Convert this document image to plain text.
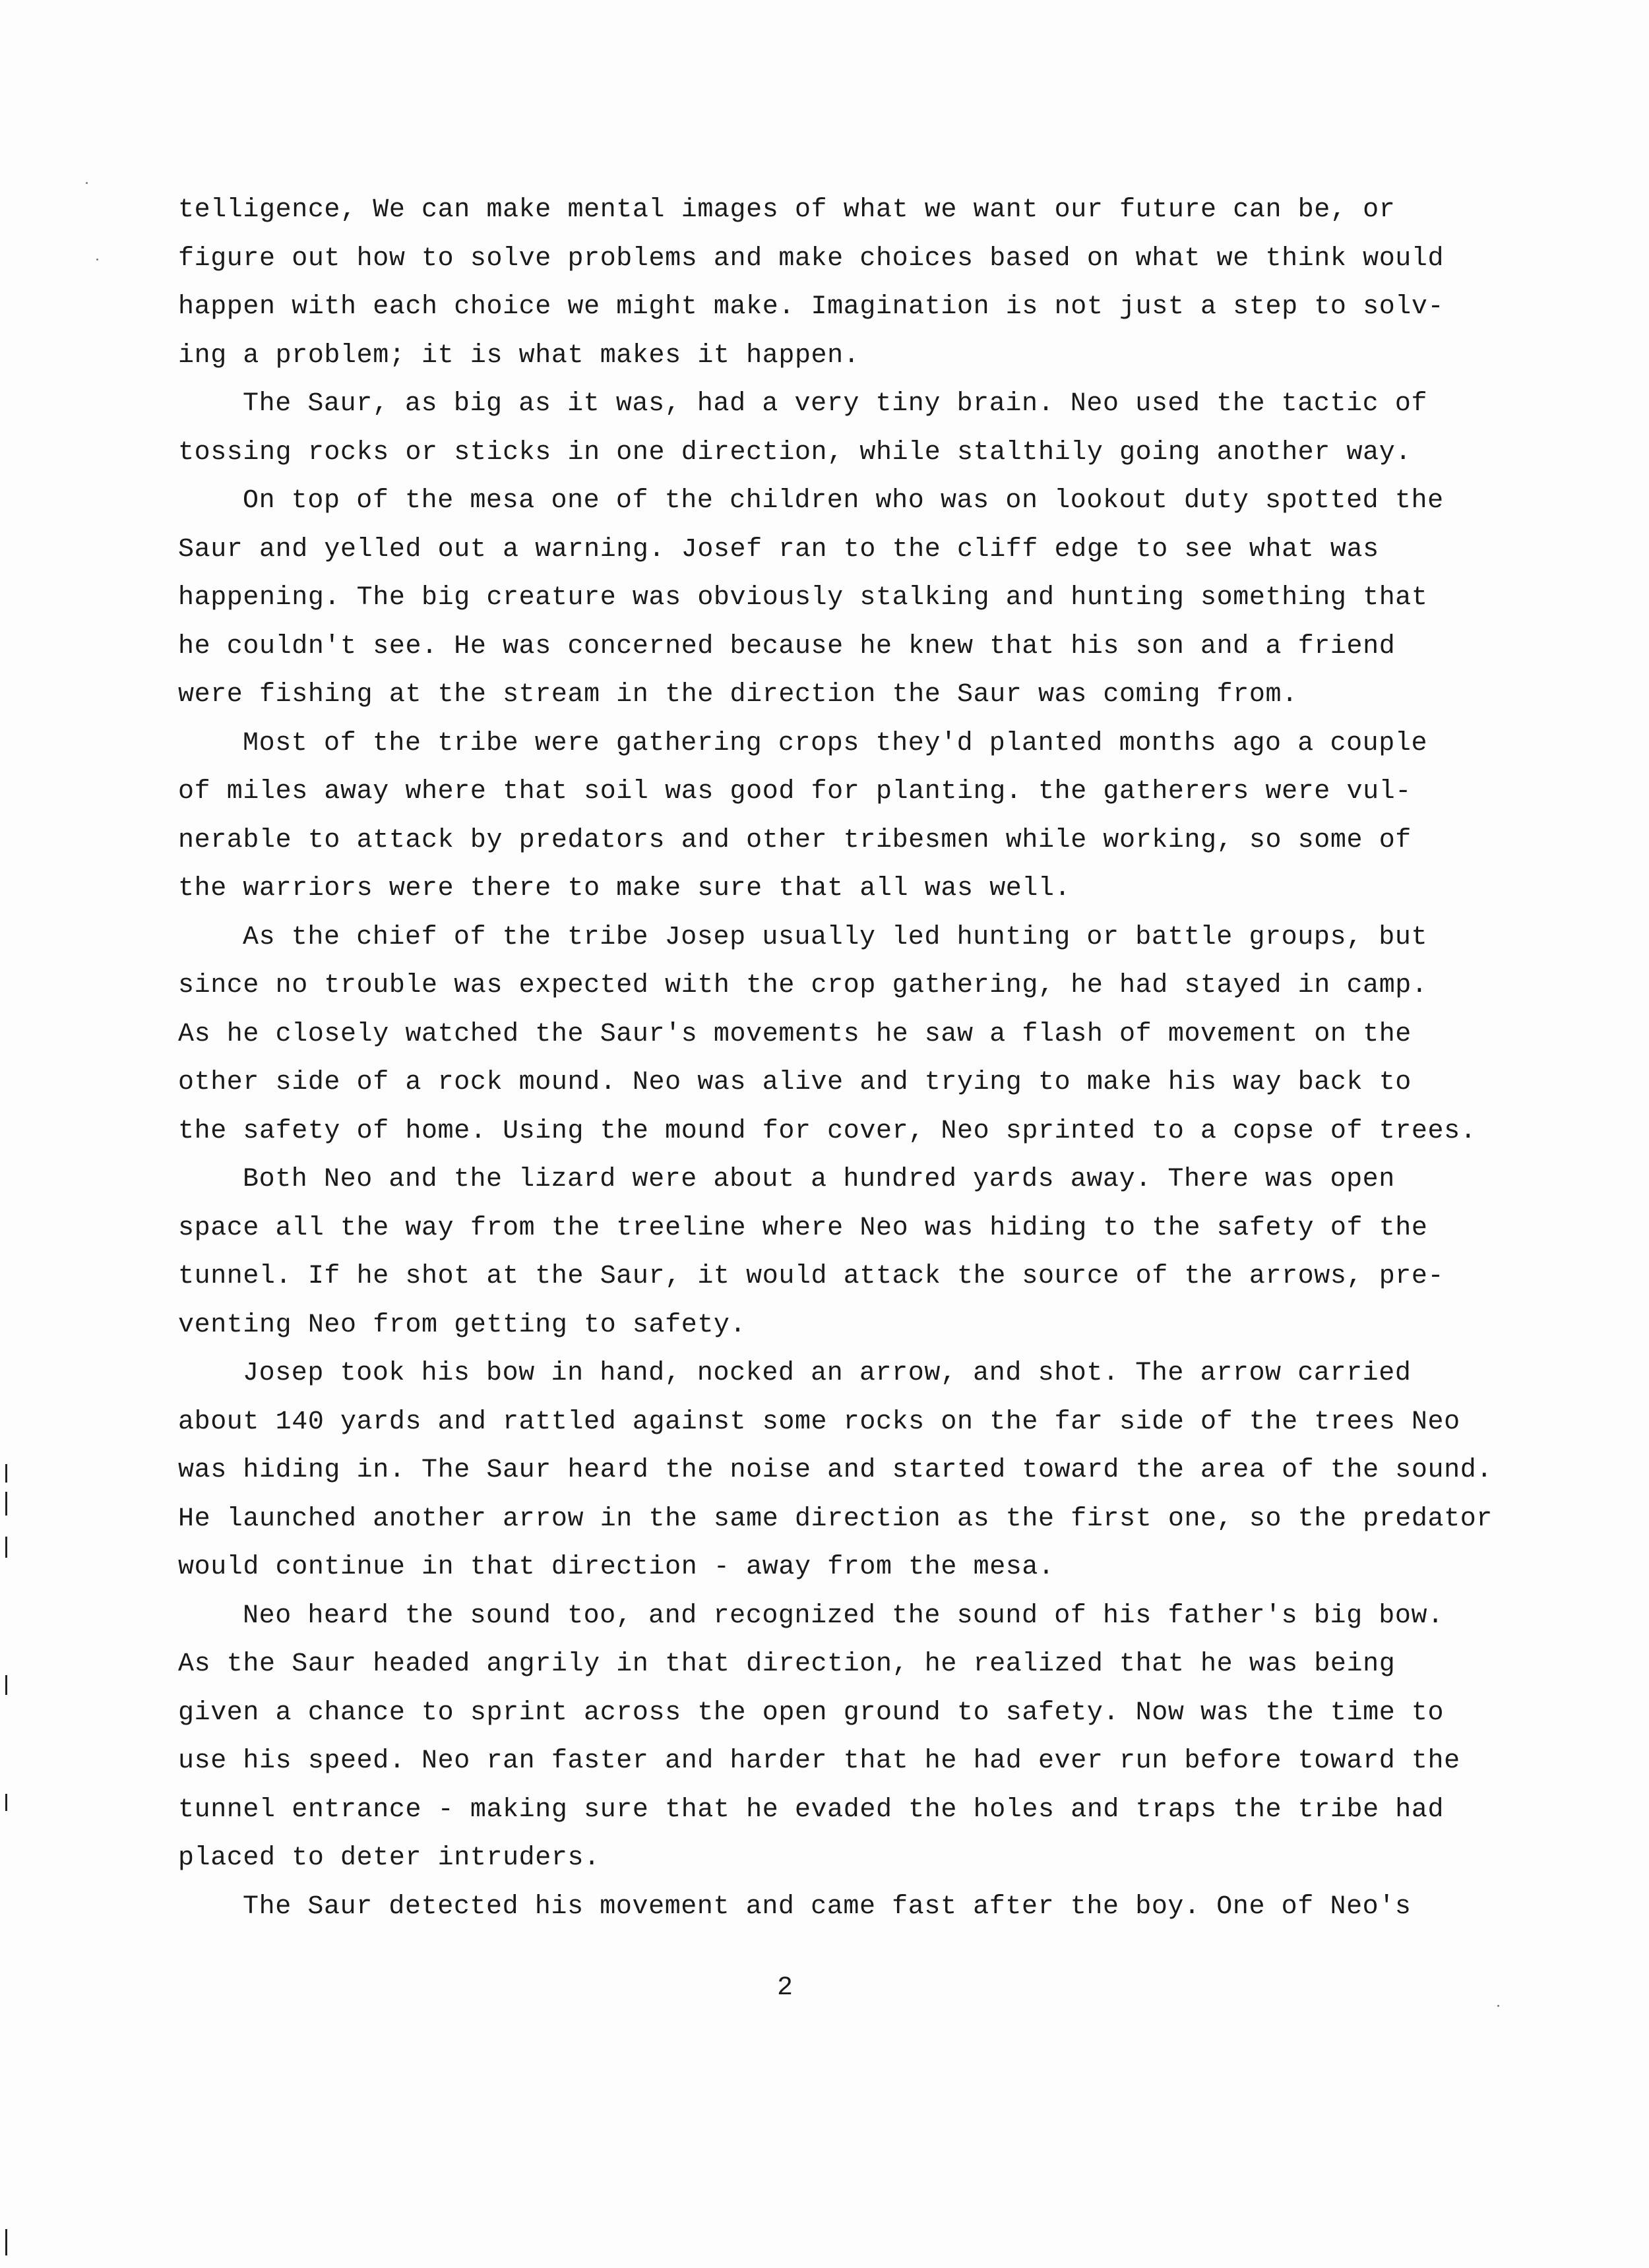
telligence, We can make mental images of what we want our future can be, or
figure out how to solve problems and make choices based on what we think would
happen with each choice we might make. Imagination is not just a step to solv-
ing a problem; it is what makes it happen.
The Saur, as big as it was, had a very tiny brain. Neo used the tactic of
tossing rocks or sticks in one direction, while stalthily going another way.
On top of the mesa one of the children who was on lookout duty spotted the
Saur and yelled out a warning. Josef ran to the cliff edge to see what was
happening. The big creature was obviously stalking and hunting something that
he couldn't see. He was concerned because he knew that his son and a friend
were fishing at the stream in the direction the Saur was coming from.
Most of the tribe were gathering crops they'd planted months ago a couple
of miles away where that soil was good for planting. the gatherers were vul-
nerable to attack by predators and other tribesmen while working, so some of
the warriors were there to make sure that all was well.
As the chief of the tribe Josep usually led hunting or battle groups, but
since no trouble was expected with the crop gathering, he had stayed in camp.
As he closely watched the Saur's movements he saw a flash of movement on the
other side of a rock mound. Neo was alive and trying to make his way back to
the safety of home. Using the mound for cover, Neo sprinted to a copse of trees.
Both Neo and the lizard were about a hundred yards away. There was open
space all the way from the treeline where Neo was hiding to the safety of the
tunnel. If he shot at the Saur, it would attack the source of the arrows, pre-
venting Neo from getting to safety.
Josep took his bow in hand, nocked an arrow, and shot. The arrow carried
about 140 yards and rattled against some rocks on the far side of the trees Neo
was hiding in. The Saur heard the noise and started toward the area of the sound.
He launched another arrow in the same direction as the first one, so the predator
would continue in that direction - away from the mesa.
Neo heard the sound too, and recognized the sound of his father's big bow.
As the Saur headed angrily in that direction, he realized that he was being
given a chance to sprint across the open ground to safety. Now was the time to
use his speed. Neo ran faster and harder that he had ever run before toward the
tunnel entrance - making sure that he evaded the holes and traps the tribe had
placed to deter intruders.
The Saur detected his movement and came fast after the boy. One of Neo's
2
